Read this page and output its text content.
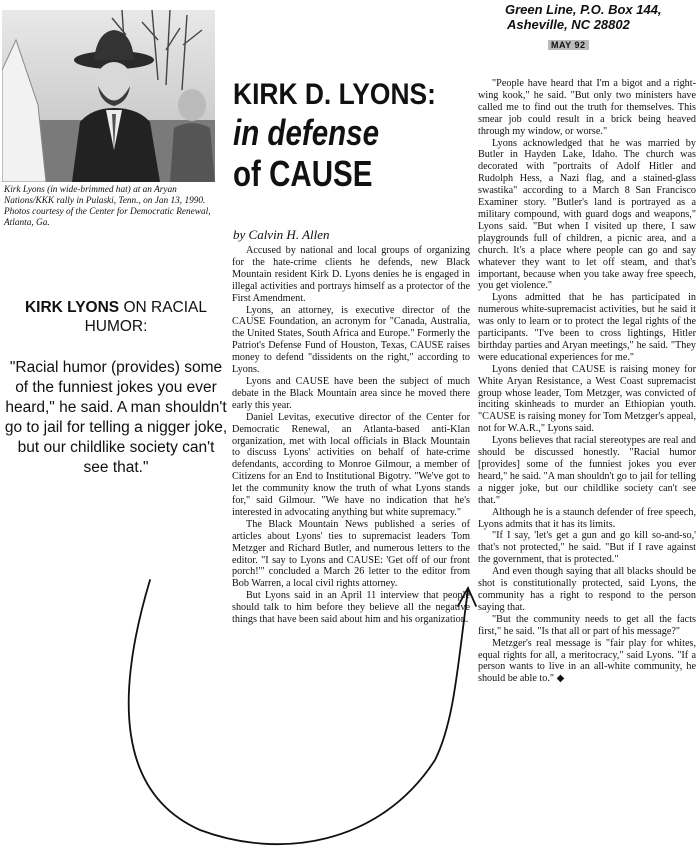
Green Line, P.O. Box 144,
Asheville, NC 28802
MAY 92
Kirk Lyons (in wide-brimmed hat) at an Aryan Nations/KKK rally in Pulaski, Tenn., on Jan 13, 1990. Photos courtesy of the Center for Democratic Renewal, Atlanta, Ga.
KIRK D. LYONS:
in defense
of CAUSE
by Calvin H. Allen
KIRK LYONS ON RACIAL HUMOR:
"Racial humor (provides) some of the funniest jokes you ever heard," he said. A man shouldn't go to jail for telling a nigger joke, but our childlike society can't see that."

Accused by national and local groups of organizing for the hate-crime clients he defends, new Black Mountain resident Kirk D. Lyons denies he is engaged in illegal activities and portrays himself as a protector of the First Amendment.

Lyons, an attorney, is executive director of the CAUSE Foundation, an acronym for "Canada, Australia, the United States, South Africa and Europe." Formerly the Patriot's Defense Fund of Houston, Texas, CAUSE raises money to defend "dissidents on the right," according to Lyons.

Lyons and CAUSE have been the subject of much debate in the Black Mountain area since he moved there early this year.

Daniel Levitas, executive director of the Center for Democratic Renewal, an Atlanta-based anti-Klan organization, met with local officials in Black Mountain to discuss Lyons' activities on behalf of hate-crime defendants, according to Monroe Gilmour, a member of Citizens for an End to Institutional Bigotry. "We've got to let the community know the truth of what Lyons stands for," said Gilmour. "We have no indication that he's interested in advocating anything but white supremacy."

The Black Mountain News published a series of articles about Lyons' ties to supremacist leaders Tom Metzger and Richard Butler, and numerous letters to the editor. "I say to Lyons and CAUSE: 'Get off of our front porch!'" concluded a March 26 letter to the editor from Bob Warren, a local civil rights attorney.

But Lyons said in an April 11 interview that people should talk to him before they believe all the negative things that have been said about him and his organization.

"People have heard that I'm a bigot and a right-wing kook," he said. "But only two ministers have called me to find out the truth for themselves. This smear job could result in a brick being heaved through my window, or worse."

Lyons acknowledged that he was married by Butler in Hayden Lake, Idaho. The church was decorated with "portraits of Adolf Hitler and Rudolph Hess, a Nazi flag, and a stained-glass swastika" according to a March 8 San Francisco Examiner story. "Butler's land is portrayed as a military compound, with guard dogs and weapons," Lyons said. "But when I visited up there, I saw playgrounds full of children, a picnic area, and a church. It's a place where people can go and say whatever they want to let off steam, and that's important, because when you take away free speech, you get violence."

Lyons admitted that he has participated in numerous white-supremacist activities, but he said it was only to learn or to protect the legal rights of the participants. "I've been to cross lightings, Hitler birthday parties and Aryan meetings," he said. "They were educational experiences for me."

Lyons denied that CAUSE is raising money for White Aryan Resistance, a West Coast supremacist group whose leader, Tom Metzger, was convicted of inciting skinheads to murder an Ethiopian youth. "CAUSE is raising money for Tom Metzger's appeal, not for W.A.R.," Lyons said.

Lyons believes that racial stereotypes are real and should be discussed honestly. "Racial humor [provides] some of the funniest jokes you ever heard," he said. "A man shouldn't go to jail for telling a nigger joke, but our childlike society can't see that."

Although he is a staunch defender of free speech, Lyons admits that it has its limits.

"If I say, 'let's get a gun and go kill so-and-so,' that's not protected," he said. "But if I rave against the government, that is protected."

And even though saying that all blacks should be shot is constitutionally protected, said Lyons, the community has a right to respond to the person saying that.

"But the community needs to get all the facts first," he said. "Is that all or part of his message?"

Metzger's real message is "fair play for whites, equal rights for all, a meritocracy," said Lyons. "If a person wants to live in an all-white community, he should be able to." ◆
